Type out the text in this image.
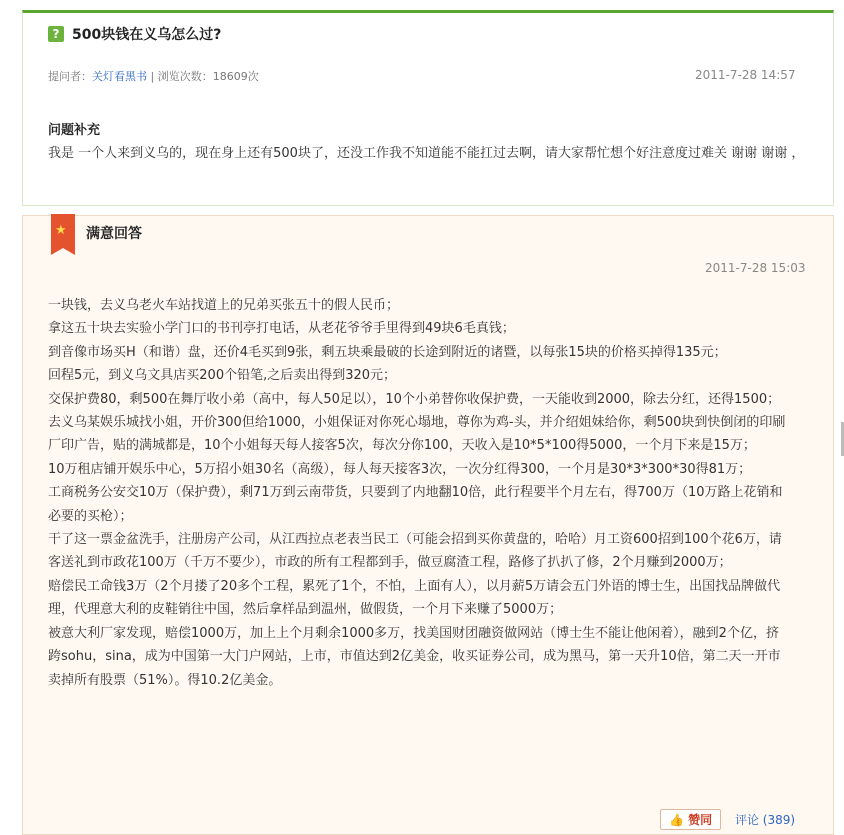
? 500块钱在义乌怎么过?
提问者：关灯看黑书 | 浏览次数：18609次	2011-7-28 14:57
问题补充
我是 一个人来到义乌的，现在身上还有500块了，还没工作我不知道能不能扛过去啊，请大家帮忙想个好注意度过难关 谢谢 谢谢 ，
★ 满意回答
2011-7-28 15:03

一块钱，去义乌老火车站找道上的兄弟买张五十的假人民币；

拿这五十块去实验小学门口的书刊亭打电话，从老花爷爷手里得到49块6毛真钱；

到音像市场买H（和谐）盘，还价4毛买到9张，剩五块乘最破的长途到附近的诸暨，以每张15块的价格买掉得135元；

回程5元，到义乌文具店买200个铅笔,之后卖出得到320元；

交保护费80，剩500在舞厅收小弟（高中，每人50足以），10个小弟替你收保护费，一天能收到2000，除去分红，还得1500；

去义乌某娱乐城找小姐，开价300但给1000，小姐保证对你死心塌地，尊你为鸡-头，并介绍姐妹给你，剩500块到快倒闭的印刷厂印广告，贴的满城都是，10个小姐每天每人接客5次，每次分你100，天收入是10*5*100得5000，一个月下来是15万；

10万租店铺开娱乐中心，5万招小姐30名（高级），每人每天接客3次，一次分红得300，一个月是30*3*300*30得81万；

工商税务公安交10万（保护费），剩71万到云南带货，只要到了内地翻10倍，此行程要半个月左右，得700万（10万路上花销和必要的买枪）；

干了这一票金盆洗手，注册房产公司，从江西拉点老表当民工（可能会招到买你黄盘的，哈哈）月工资600招到100个花6万，请客送礼到市政花100万（千万不要少），市政的所有工程都到手，做豆腐渣工程，路修了扒扒了修，2个月赚到2000万；

赔偿民工命钱3万（2个月搂了20多个工程，累死了1个，不怕，上面有人），以月薪5万请会五门外语的博士生，出国找品牌做代理，代理意大利的皮鞋销往中国，然后拿样品到温州，做假货，一个月下来赚了5000万；

被意大利厂家发现，赔偿1000万，加上上个月剩余1000多万，找美国财团融资做网站（博士生不能让他闲着），融到2个亿，挤跨sohu，sina，成为中国第一大门户网站，上市，市值达到2亿美金，收买证券公司，成为黑马，第一天升10倍，第二天一开市卖掉所有股票（51%）。得10.2亿美金。

👍 赞同 评论 (389)
